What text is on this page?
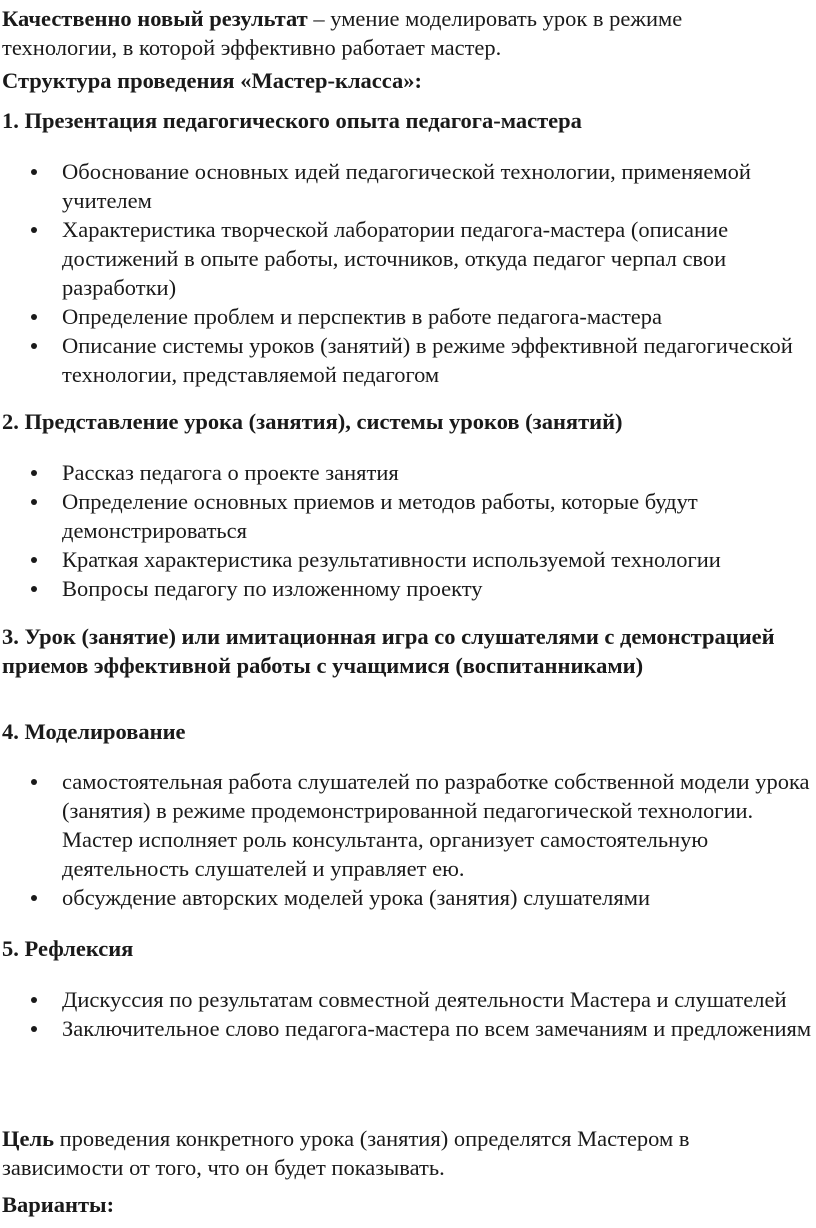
Качественно новый результат – умение моделировать урок в режиме технологии, в которой эффективно работает мастер.

Структура проведения «Мастер-класса»:

1. Презентация педагогического опыта педагога-мастера

Обоснование основных идей педагогической технологии, применяемой учителем
Характеристика творческой лаборатории педагога-мастера (описание достижений в опыте работы, источников, откуда педагог черпал свои разработки)
Определение проблем и перспектив в работе педагога-мастера
Описание системы уроков (занятий) в режиме эффективной педагогической технологии, представляемой педагогом

2. Представление урока (занятия), системы уроков (занятий)

Рассказ педагога о проекте занятия
Определение основных приемов и методов работы, которые будут демонстрироваться
Краткая характеристика результативности используемой технологии
Вопросы педагогу по изложенному проекту

3. Урок (занятие) или имитационная игра со слушателями с демонстрацией приемов эффективной работы с учащимися (воспитанниками)

4. Моделирование

самостоятельная работа слушателей по разработке собственной модели урока (занятия) в режиме продемонстрированной педагогической технологии. Мастер исполняет роль консультанта, организует самостоятельную деятельность слушателей и управляет ею.
обсуждение авторских моделей урока (занятия) слушателями

5. Рефлексия

Дискуссия по результатам совместной деятельности Мастера и слушателей
Заключительное слово педагога-мастера по всем замечаниям и предложениям

Цель проведения конкретного урока (занятия) определятся Мастером в зависимости от того, что он будет показывать.

Варианты:
